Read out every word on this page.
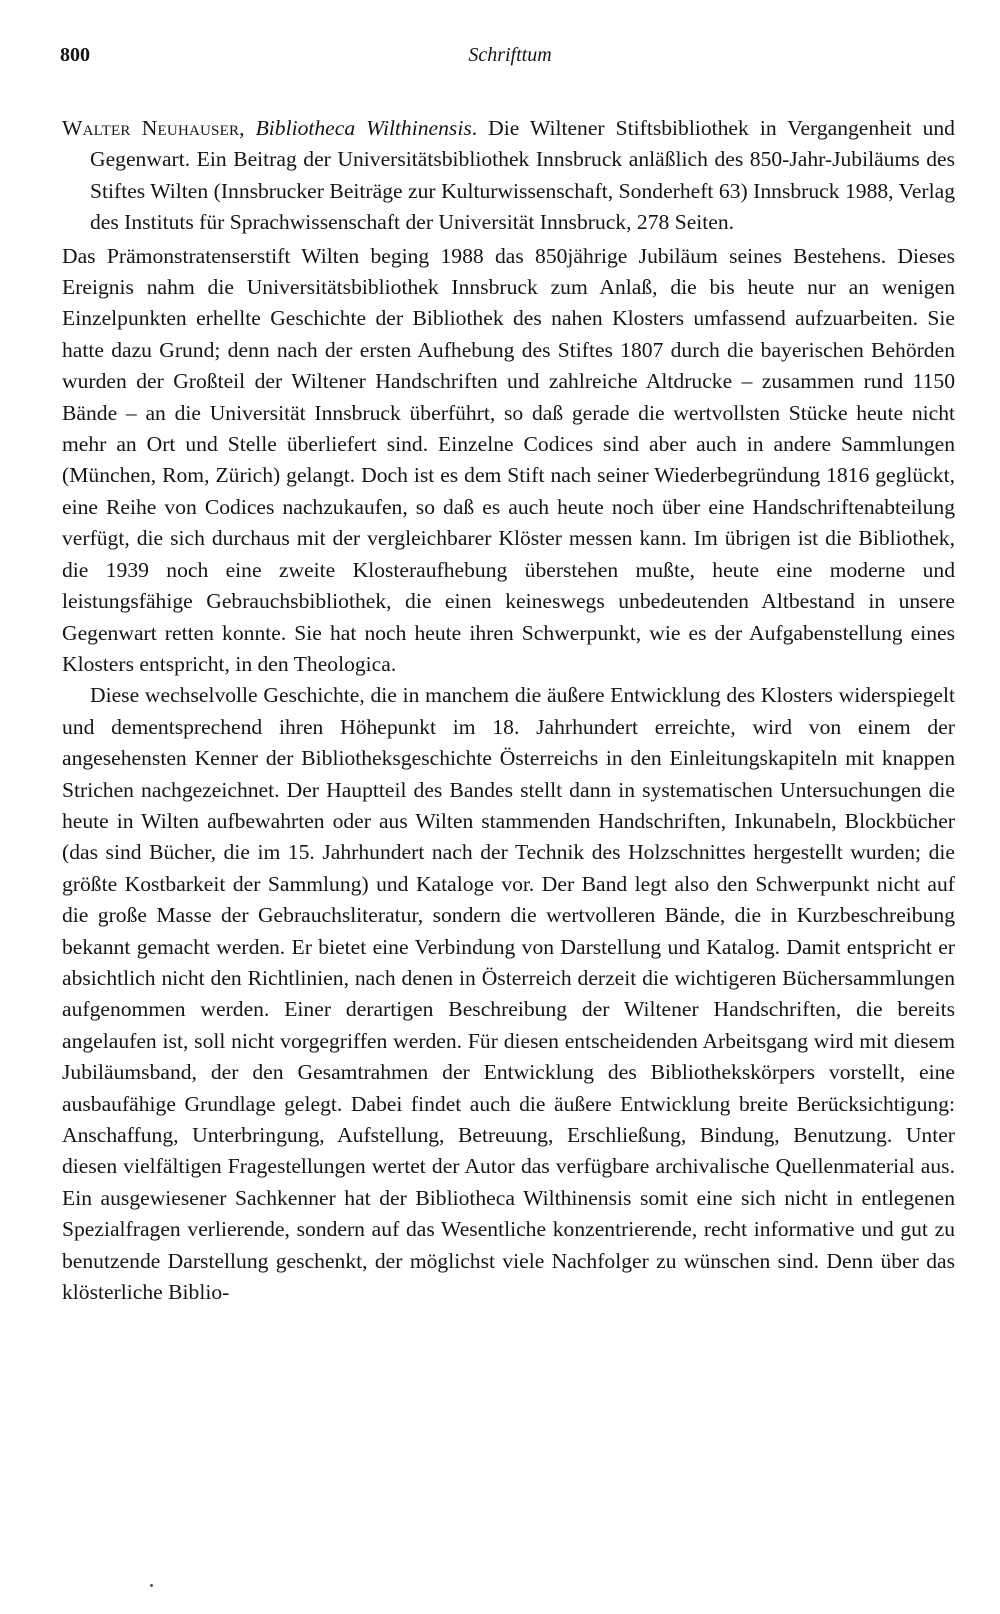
800	Schrifttum

Walter Neuhauser, Bibliotheca Wilthinensis. Die Wiltener Stiftsbibliothek in Vergangenheit und Gegenwart. Ein Beitrag der Universitätsbibliothek Innsbruck anläßlich des 850-Jahr-Jubiläums des Stiftes Wilten (Innsbrucker Beiträge zur Kulturwissenschaft, Sonderheft 63) Innsbruck 1988, Verlag des Instituts für Sprachwissenschaft der Universität Innsbruck, 278 Seiten.

Das Prämonstratenserstift Wilten beging 1988 das 850jährige Jubiläum seines Bestehens. Dieses Ereignis nahm die Universitätsbibliothek Innsbruck zum Anlaß, die bis heute nur an wenigen Einzelpunkten erhellte Geschichte der Bibliothek des nahen Klosters umfassend aufzuarbeiten. Sie hatte dazu Grund; denn nach der ersten Aufhebung des Stiftes 1807 durch die bayerischen Behörden wurden der Großteil der Wiltener Handschriften und zahlreiche Altdrucke – zusammen rund 1150 Bände – an die Universität Innsbruck überführt, so daß gerade die wertvollsten Stücke heute nicht mehr an Ort und Stelle überliefert sind. Einzelne Codices sind aber auch in andere Sammlungen (München, Rom, Zürich) gelangt. Doch ist es dem Stift nach seiner Wiederbegründung 1816 geglückt, eine Reihe von Codices nachzukaufen, so daß es auch heute noch über eine Handschriftenabteilung verfügt, die sich durchaus mit der vergleichbarer Klöster messen kann. Im übrigen ist die Bibliothek, die 1939 noch eine zweite Klosteraufhebung überstehen mußte, heute eine moderne und leistungsfähige Gebrauchsbibliothek, die einen keineswegs unbedeutenden Altbestand in unsere Gegenwart retten konnte. Sie hat noch heute ihren Schwerpunkt, wie es der Aufgabenstellung eines Klosters entspricht, in den Theologica.

Diese wechselvolle Geschichte, die in manchem die äußere Entwicklung des Klosters widerspiegelt und dementsprechend ihren Höhepunkt im 18. Jahrhundert erreichte, wird von einem der angesehensten Kenner der Bibliotheksgeschichte Österreichs in den Einleitungskapiteln mit knappen Strichen nachgezeichnet. Der Hauptteil des Bandes stellt dann in systematischen Untersuchungen die heute in Wilten aufbewahrten oder aus Wilten stammenden Handschriften, Inkunabeln, Blockbücher (das sind Bücher, die im 15. Jahrhundert nach der Technik des Holzschnittes hergestellt wurden; die größte Kostbarkeit der Sammlung) und Kataloge vor. Der Band legt also den Schwerpunkt nicht auf die große Masse der Gebrauchsliteratur, sondern die wertvolleren Bände, die in Kurzbeschreibung bekannt gemacht werden. Er bietet eine Verbindung von Darstellung und Katalog. Damit entspricht er absichtlich nicht den Richtlinien, nach denen in Österreich derzeit die wichtigeren Büchersammlungen aufgenommen werden. Einer derartigen Beschreibung der Wiltener Handschriften, die bereits angelaufen ist, soll nicht vorgegriffen werden. Für diesen entscheidenden Arbeitsgang wird mit diesem Jubiläumsband, der den Gesamtrahmen der Entwicklung des Bibliothekskörpers vorstellt, eine ausbaufähige Grundlage gelegt. Dabei findet auch die äußere Entwicklung breite Berücksichtigung: Anschaffung, Unterbringung, Aufstellung, Betreuung, Erschließung, Bindung, Benutzung. Unter diesen vielfältigen Fragestellungen wertet der Autor das verfügbare archivalische Quellenmaterial aus. Ein ausgewiesener Sachkenner hat der Bibliotheca Wilthinensis somit eine sich nicht in entlegenen Spezialfragen verlierende, sondern auf das Wesentliche konzentrierende, recht informative und gut zu benutzende Darstellung geschenkt, der möglichst viele Nachfolger zu wünschen sind. Denn über das klösterliche Biblio-
